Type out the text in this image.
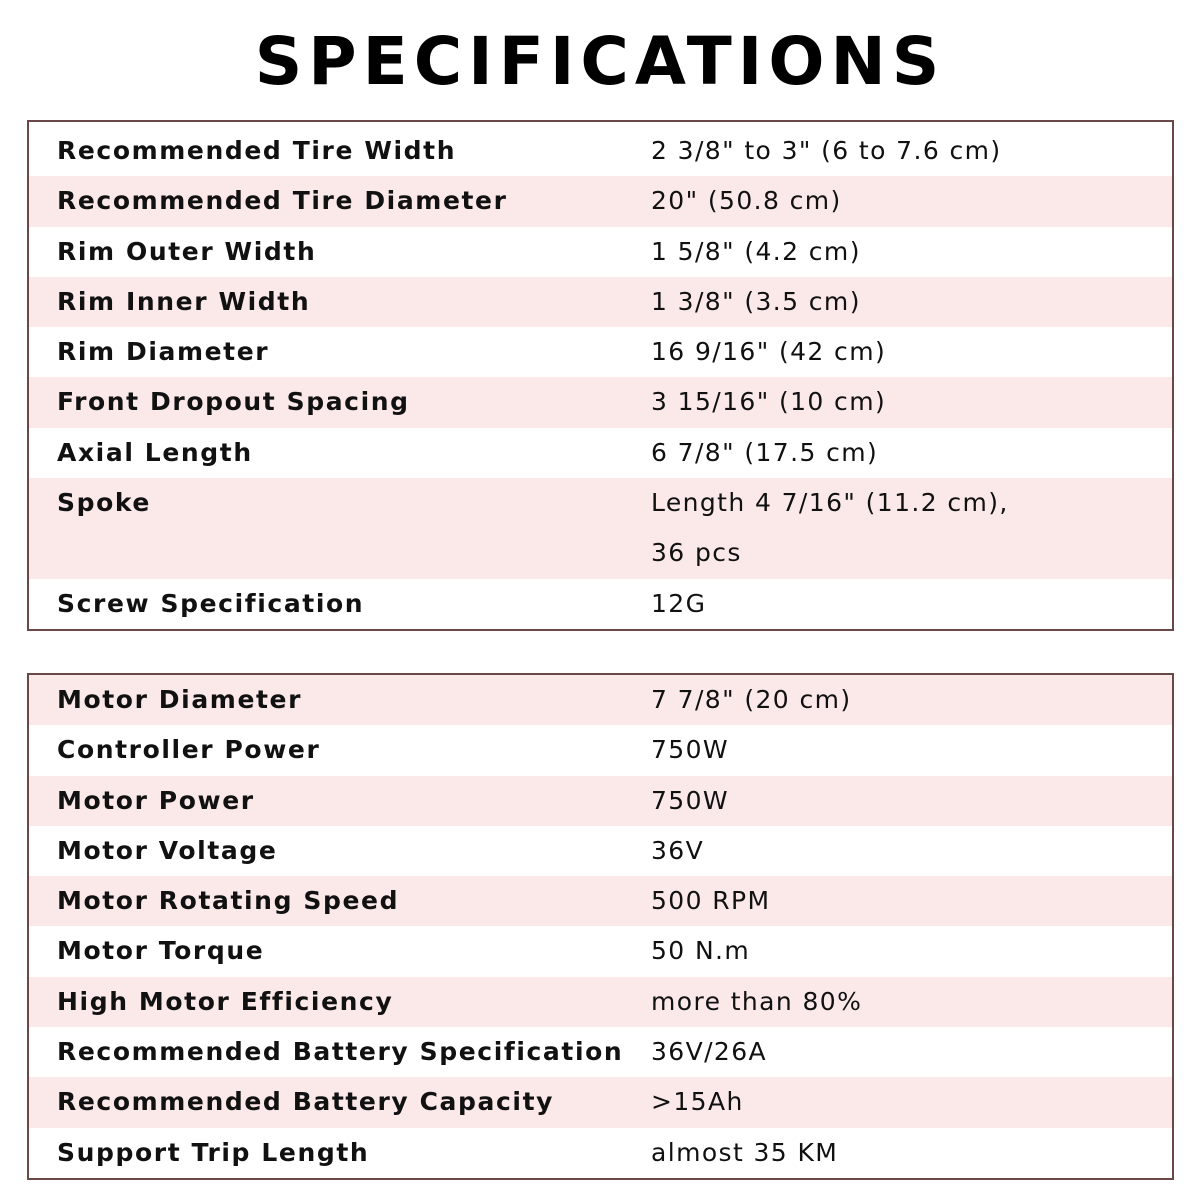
SPECIFICATIONS
Recommended Tire Width	2 3/8" to 3" (6 to 7.6 cm)
Recommended Tire Diameter	20" (50.8 cm)
Rim Outer Width	1 5/8" (4.2 cm)
Rim Inner Width	1 3/8" (3.5 cm)
Rim Diameter	16 9/16" (42 cm)
Front Dropout Spacing	3 15/16" (10 cm)
Axial Length	6 7/8" (17.5 cm)
Spoke	Length 4 7/16" (11.2 cm),
36 pcs
Screw Specification	12G
Motor Diameter	7 7/8" (20 cm)
Controller Power	750W
Motor Power	750W
Motor Voltage	36V
Motor Rotating Speed	500 RPM
Motor Torque	50 N.m
High Motor Efficiency	more than 80%
Recommended Battery Specification	36V/26A
Recommended Battery Capacity	>15Ah
Support Trip Length	almost 35 KM
